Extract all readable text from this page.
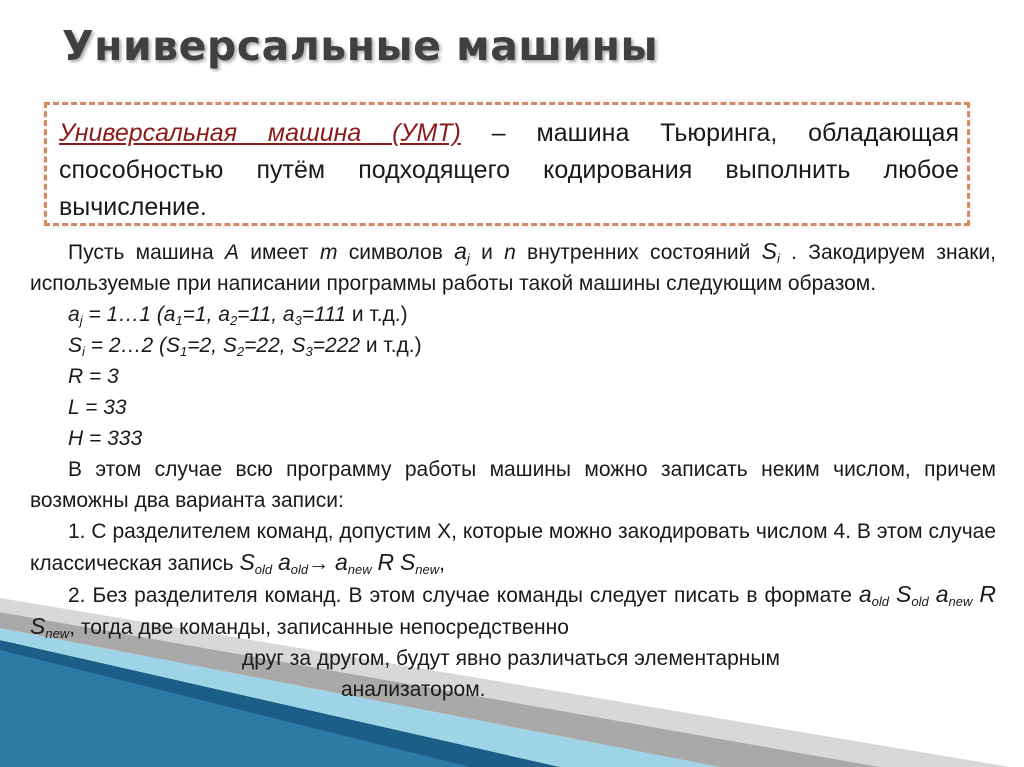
Универсальные машины
Универсальная машина (УМТ) – машина Тьюринга, обладающая способностью путём подходящего кодирования выполнить любое вычисление.
Пусть машина A имеет m символов $a_j$ и n внутренних состояний $S_i$ . Закодируем знаки, используемые при написании программы работы такой машины следующим образом.
$a_j$ = 1…1 ($a_1=1$, $a_2=11$, $a_3=111$ и т.д.)
$S_i$ = 2…2 ($S_1=2$, $S_2=22$, $S_3=222$ и т.д.)
R = 3
L = 33
H = 333
В этом случае всю программу работы машины можно записать неким числом, причем возможны два варианта записи:
1. С разделителем команд, допустим Х, которые можно закодировать числом 4. В этом случае классическая запись $S_{old}$ $a_{old}\to a_{new}$ R $S_{new}$,
2. Без разделителя команд. В этом случае команды следует писать в формате $a_{old}$ $S_{old}$ $a_{new}$ R $S_{new}$, тогда две команды, записанные непосредственно
друг за другом, будут явно различаться элементарным
анализатором.
